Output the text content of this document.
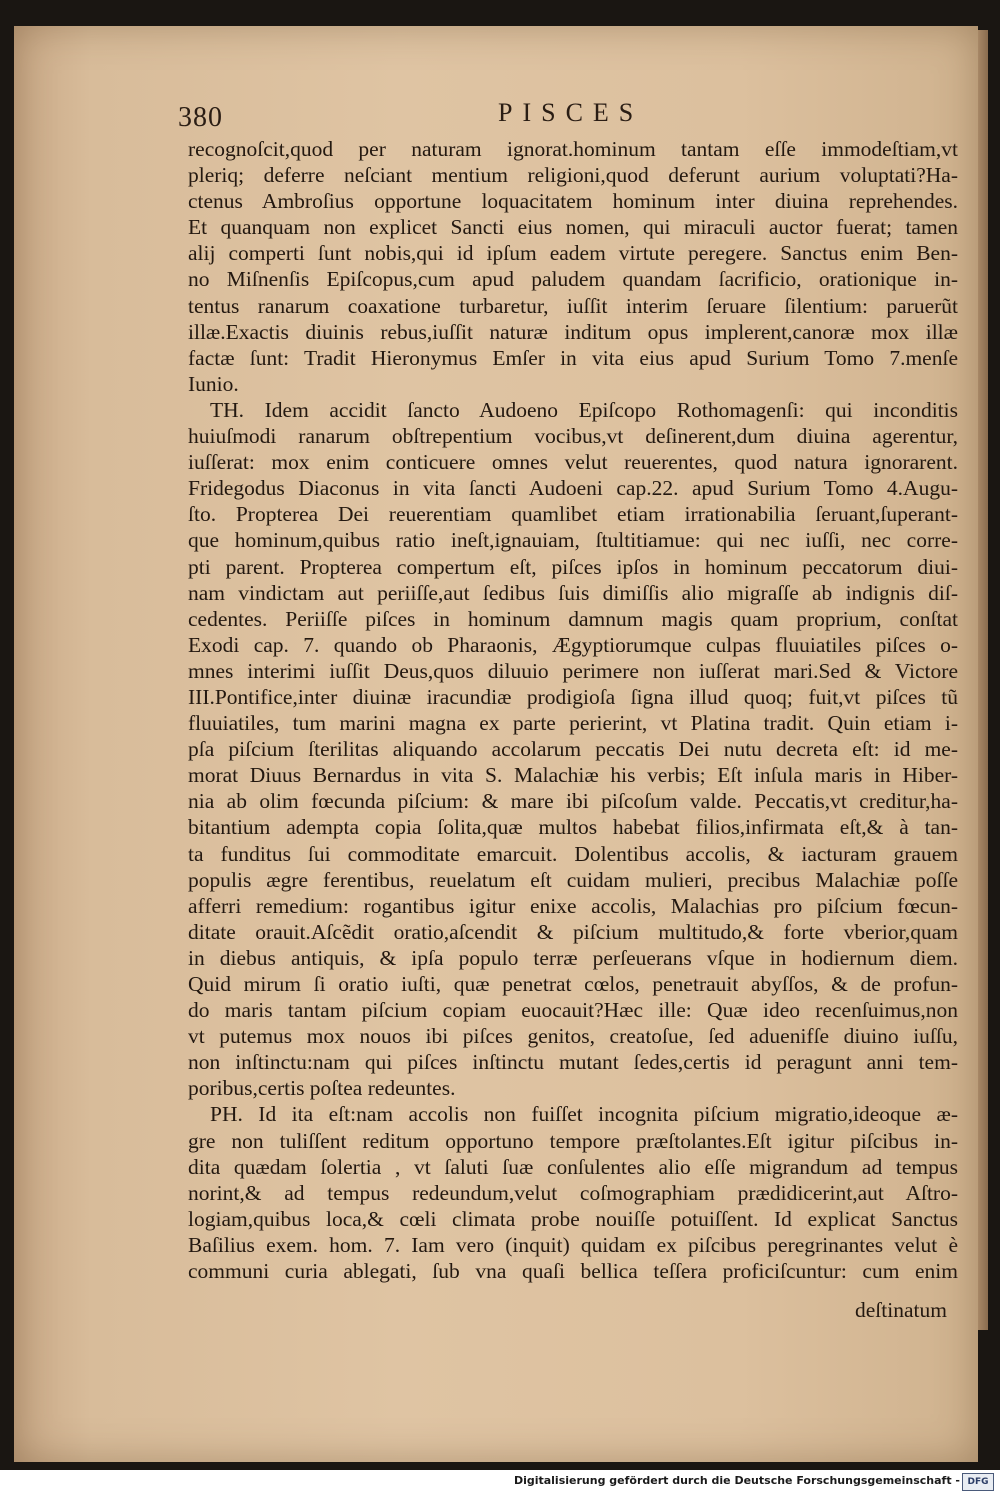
380	PISCES
recognoſcit,quod per naturam ignorat.hominum tantam eſſe immodeſtiam,vt
pleriq; deferre neſciant mentium religioni,quod deferunt aurium voluptati?Ha-
ctenus Ambroſius opportune loquacitatem hominum inter diuina reprehendes.
Et quanquam non explicet Sancti eius nomen, qui miraculi auctor fuerat; tamen
alij comperti ſunt nobis,qui id ipſum eadem virtute peregere. Sanctus enim Ben-
no Miſnenſis Epiſcopus,cum apud paludem quandam ſacrificio, orationique in-
tentus ranarum coaxatione turbaretur, iuſſit interim ſeruare ſilentium: paruerũt
illæ.Exactis diuinis rebus,iuſſit naturæ inditum opus implerent,canoræ mox illæ
factæ ſunt: Tradit Hieronymus Emſer in vita eius apud Surium Tomo 7.menſe
Iunio.
TH. Idem accidit ſancto Audoeno Epiſcopo Rothomagenſi: qui inconditis
huiuſmodi ranarum obſtrepentium vocibus,vt deſinerent,dum diuina agerentur,
iuſſerat: mox enim conticuere omnes velut reuerentes, quod natura ignorarent.
Fridegodus Diaconus in vita ſancti Audoeni cap.22. apud Surium Tomo 4.Augu-
ſto. Propterea Dei reuerentiam quamlibet etiam irrationabilia ſeruant,ſuperant-
que hominum,quibus ratio ineſt,ignauiam, ſtultitiamue: qui nec iuſſi, nec corre-
pti parent. Propterea compertum eſt, piſces ipſos in hominum peccatorum diui-
nam vindictam aut periiſſe,aut ſedibus ſuis dimiſſis alio migraſſe ab indignis diſ-
cedentes. Periiſſe piſces in hominum damnum magis quam proprium, conſtat
Exodi cap. 7. quando ob Pharaonis, Ægyptiorumque culpas fluuiatiles piſces o-
mnes interimi iuſſit Deus,quos diluuio perimere non iuſſerat mari.Sed & Victore
III.Pontifice,inter diuinæ iracundiæ prodigioſa ſigna illud quoq; fuit,vt piſces tũ
fluuiatiles, tum marini magna ex parte perierint, vt Platina tradit. Quin etiam i-
pſa piſcium ſterilitas aliquando accolarum peccatis Dei nutu decreta eſt: id me-
morat Diuus Bernardus in vita S. Malachiæ his verbis; Eſt inſula maris in Hiber-
nia ab olim fœcunda piſcium: & mare ibi piſcoſum valde. Peccatis,vt creditur,ha-
bitantium adempta copia ſolita,quæ multos habebat filios,infirmata eſt,& à tan-
ta funditus ſui commoditate emarcuit. Dolentibus accolis, & iacturam grauem
populis ægre ferentibus, reuelatum eſt cuidam mulieri, precibus Malachiæ poſſe
afferri remedium: rogantibus igitur enixe accolis, Malachias pro piſcium fœcun-
ditate orauit.Aſcẽdit oratio,aſcendit & piſcium multitudo,& forte vberior,quam
in diebus antiquis, & ipſa populo terræ perſeuerans vſque in hodiernum diem.
Quid mirum ſi oratio iuſti, quæ penetrat cœlos, penetrauit abyſſos, & de profun-
do maris tantam piſcium copiam euocauit?Hæc ille: Quæ ideo recenſuimus,non
vt putemus mox nouos ibi piſces genitos, creatoſue, ſed aduenifſe diuino iuſſu,
non inſtinctu:nam qui piſces inſtinctu mutant ſedes,certis id peragunt anni tem-
poribus,certis poſtea redeuntes.
PH. Id ita eſt:nam accolis non fuiſſet incognita piſcium migratio,ideoque æ-
gre non tuliſſent reditum opportuno tempore præſtolantes.Eſt igitur piſcibus in-
dita quædam ſolertia , vt ſaluti ſuæ conſulentes alio eſſe migrandum ad tempus
norint,& ad tempus redeundum,velut coſmographiam prædidicerint,aut Aſtro-
logiam,quibus loca,& cœli climata probe nouiſſe potuiſſent. Id explicat Sanctus
Baſilius exem. hom. 7. Iam vero (inquit) quidam ex piſcibus peregrinantes velut è
communi curia ablegati, ſub vna quaſi bellica teſſera proficiſcuntur: cum enim
deſtinatum
Digitalisierung gefördert durch die Deutsche Forschungsgemeinschaft - DFG
